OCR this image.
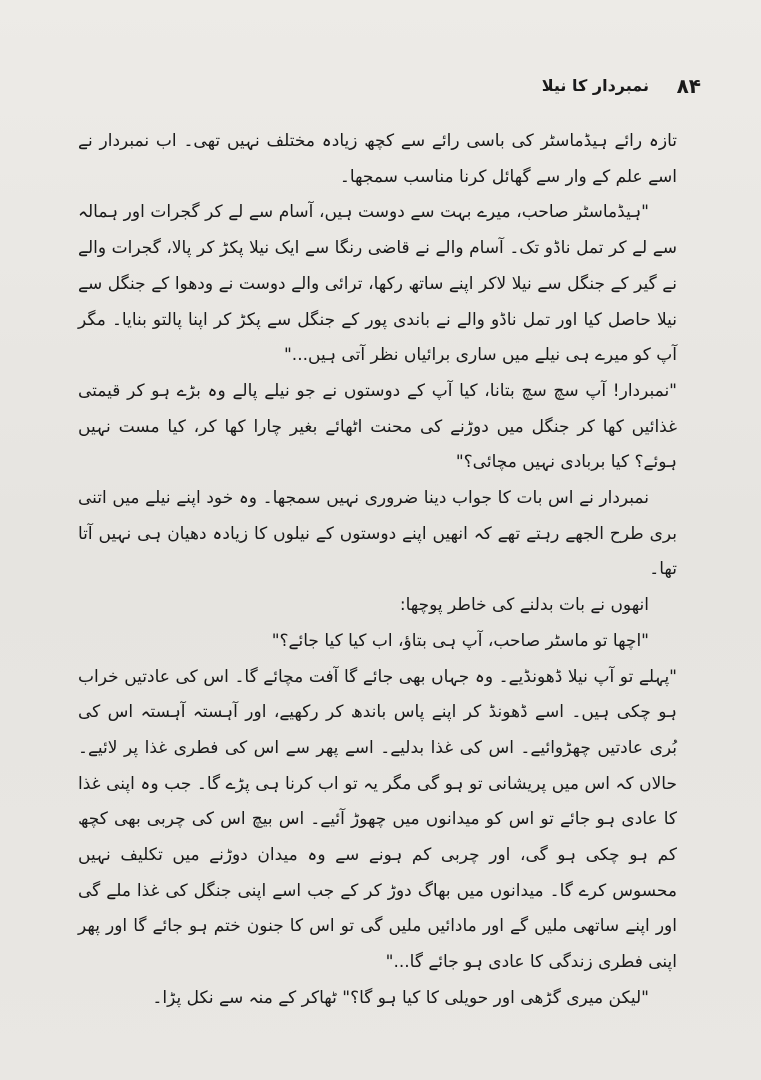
۸۴
نمبردار کا نیلا

تازہ رائے ہیڈماسٹر کی باسی رائے سے کچھ زیادہ مختلف نہیں تھی۔ اب نمبردار نے اسے علم کے وار سے گھائل کرنا مناسب سمجھا۔

"ہیڈماسٹر صاحب، میرے بہت سے دوست ہیں، آسام سے لے کر گجرات اور ہمالہ سے لے کر تمل ناڈو تک۔ آسام والے نے قاضی رنگا سے ایک نیلا پکڑ کر پالا، گجرات والے نے گیر کے جنگل سے نیلا لاکر اپنے ساتھ رکھا، ترائی والے دوست نے ودھوا کے جنگل سے نیلا حاصل کیا اور تمل ناڈو والے نے باندی پور کے جنگل سے پکڑ کر اپنا پالتو بنایا۔ مگر آپ کو میرے ہی نیلے میں ساری برائیاں نظر آتی ہیں..."

"نمبردار! آپ سچ سچ بتانا، کیا آپ کے دوستوں نے جو نیلے پالے وہ بڑے ہو کر قیمتی غذائیں کھا کر جنگل میں دوڑنے کی محنت اٹھائے بغیر چارا کھا کر، کیا مست نہیں ہوئے؟ کیا بربادی نہیں مچائی؟"

نمبردار نے اس بات کا جواب دینا ضروری نہیں سمجھا۔ وہ خود اپنے نیلے میں اتنی بری طرح الجھے رہتے تھے کہ انھیں اپنے دوستوں کے نیلوں کا زیادہ دھیان ہی نہیں آتا تھا۔

انھوں نے بات بدلنے کی خاطر پوچھا:

"اچھا تو ماسٹر صاحب، آپ ہی بتاؤ، اب کیا کیا جائے؟"

"پہلے تو آپ نیلا ڈھونڈیے۔ وہ جہاں بھی جائے گا آفت مچائے گا۔ اس کی عادتیں خراب ہو چکی ہیں۔ اسے ڈھونڈ کر اپنے پاس باندھ کر رکھیے، اور آہستہ آہستہ اس کی بُری عادتیں چھڑوائیے۔ اس کی غذا بدلیے۔ اسے پھر سے اس کی فطری غذا پر لائیے۔ حالاں کہ اس میں پریشانی تو ہو گی مگر یہ تو اب کرنا ہی پڑے گا۔ جب وہ اپنی غذا کا عادی ہو جائے تو اس کو میدانوں میں چھوڑ آئیے۔ اس بیچ اس کی چربی بھی کچھ کم ہو چکی ہو گی، اور چربی کم ہونے سے وہ میدان دوڑنے میں تکلیف نہیں محسوس کرے گا۔ میدانوں میں بھاگ دوڑ کر کے جب اسے اپنی جنگل کی غذا ملے گی اور اپنے ساتھی ملیں گے اور مادائیں ملیں گی تو اس کا جنون ختم ہو جائے گا اور پھر اپنی فطری زندگی کا عادی ہو جائے گا..."

"لیکن میری گڑھی اور حویلی کا کیا ہو گا؟" ٹھاکر کے منہ سے نکل پڑا۔
